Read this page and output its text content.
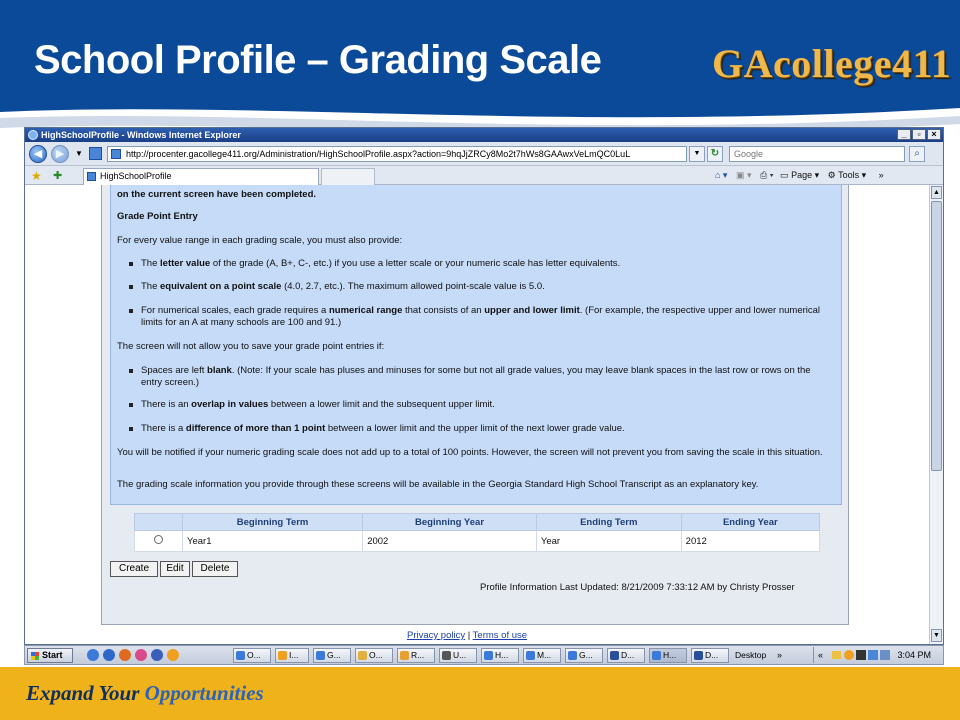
School Profile – Grading Scale	GAcollege411
HighSchoolProfile - Windows Internet Explorer	_	▫	×
◀	▶	▼	http://procenter.gacollege411.org/Administration/HighSchoolProfile.aspx?action=9hqJjZRCy8Mo2t7hWs8GAAwxVeLmQC0LuL	▼	↻	Google	⌕
★ ✚	HighSchoolProfile	⌂ ▾ ▣ ▾ ⎙ ▾ ▭ Page ▾ ⚙ Tools ▾ »
on the current screen have been completed.
Grade Point Entry
For every value range in each grading scale, you must also provide:
The letter value of the grade (A, B+, C-, etc.) if you use a letter scale or your numeric scale has letter equivalents.
The equivalent on a point scale (4.0, 2.7, etc.). The maximum allowed point-scale value is 5.0.
For numerical scales, each grade requires a numerical range that consists of an upper and lower limit. (For example, the respective upper and lower numerical limits for an A at many schools are 100 and 91.)
The screen will not allow you to save your grade point entries if:
Spaces are left blank. (Note: If your scale has pluses and minuses for some but not all grade values, you may leave blank spaces in the last row or rows on the entry screen.)
There is an overlap in values between a lower limit and the subsequent upper limit.
There is a difference of more than 1 point between a lower limit and the upper limit of the next lower grade value.
You will be notified if your numeric grading scale does not add up to a total of 100 points. However, the screen will not prevent you from saving the scale in this situation.
The grading scale information you provide through these screens will be available in the Georgia Standard High School Transcript as an explanatory key.
	Beginning Term	Beginning Year	Ending Term	Ending Year
	Year1	2002	Year	2012
Create	Edit	Delete
Profile Information Last Updated: 8/21/2009 7:33:12 AM by Christy Prosser
Privacy policy | Terms of use
▲
▼
Start	O...	I...	G...	O...	R...	U...	H...	M...	G...	D...	H...	D...	Desktop »	«	3:04 PM
Expand Your Opportunities
